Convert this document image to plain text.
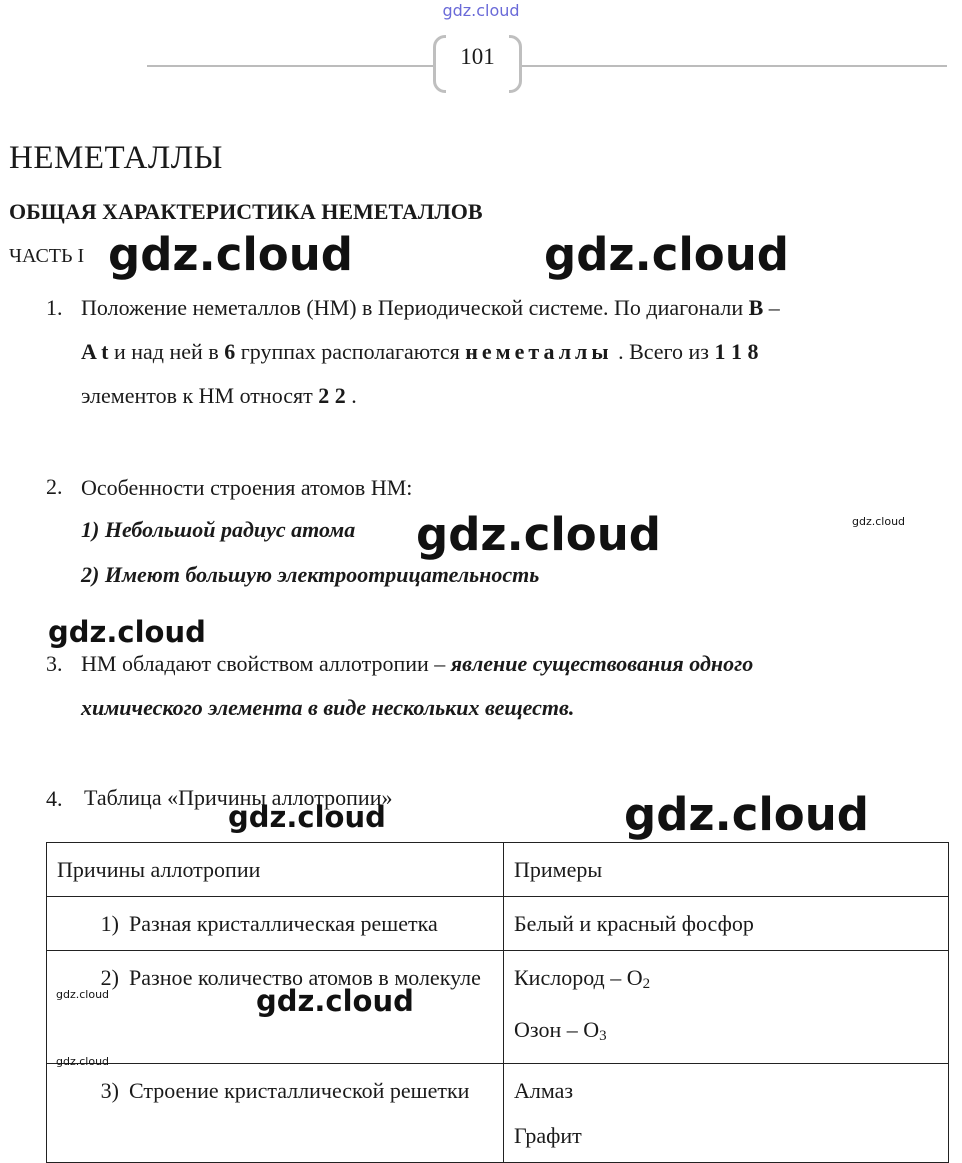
gdz.cloud
101
НЕМЕТАЛЛЫ
ОБЩАЯ ХАРАКТЕРИСТИКА НЕМЕТАЛЛОВ
ЧАСТЬ I
1. Положение неметаллов (НМ) в Периодической системе. По диагонали B –
A t и над ней в 6 группах располагаются неметаллы . Всего из 1 1 8
элементов к НМ относят 2 2 .
2. Особенности строения атомов НМ:
1) Небольшой радиус атома
2) Имеют большую электроотрицательность
3. НМ обладают свойством аллотропии – явление существования одного
химического элемента в виде нескольких веществ.
4. Таблица «Причины аллотропии»
Причины аллотропии	Примеры
1) Разная кристаллическая решетка	Белый и красный фосфор
2) Разное количество атомов в молекуле	Кислород – $O_2$
Озон – $O_3$

3) Строение кристаллической решетки	Алмаз
Графит
gdz.cloud	gdz.cloud
gdz.cloud	gdz.cloud
gdz.cloud
gdz.cloud	gdz.cloud
gdz.cloud
gdz.cloud
gdz.cloud
